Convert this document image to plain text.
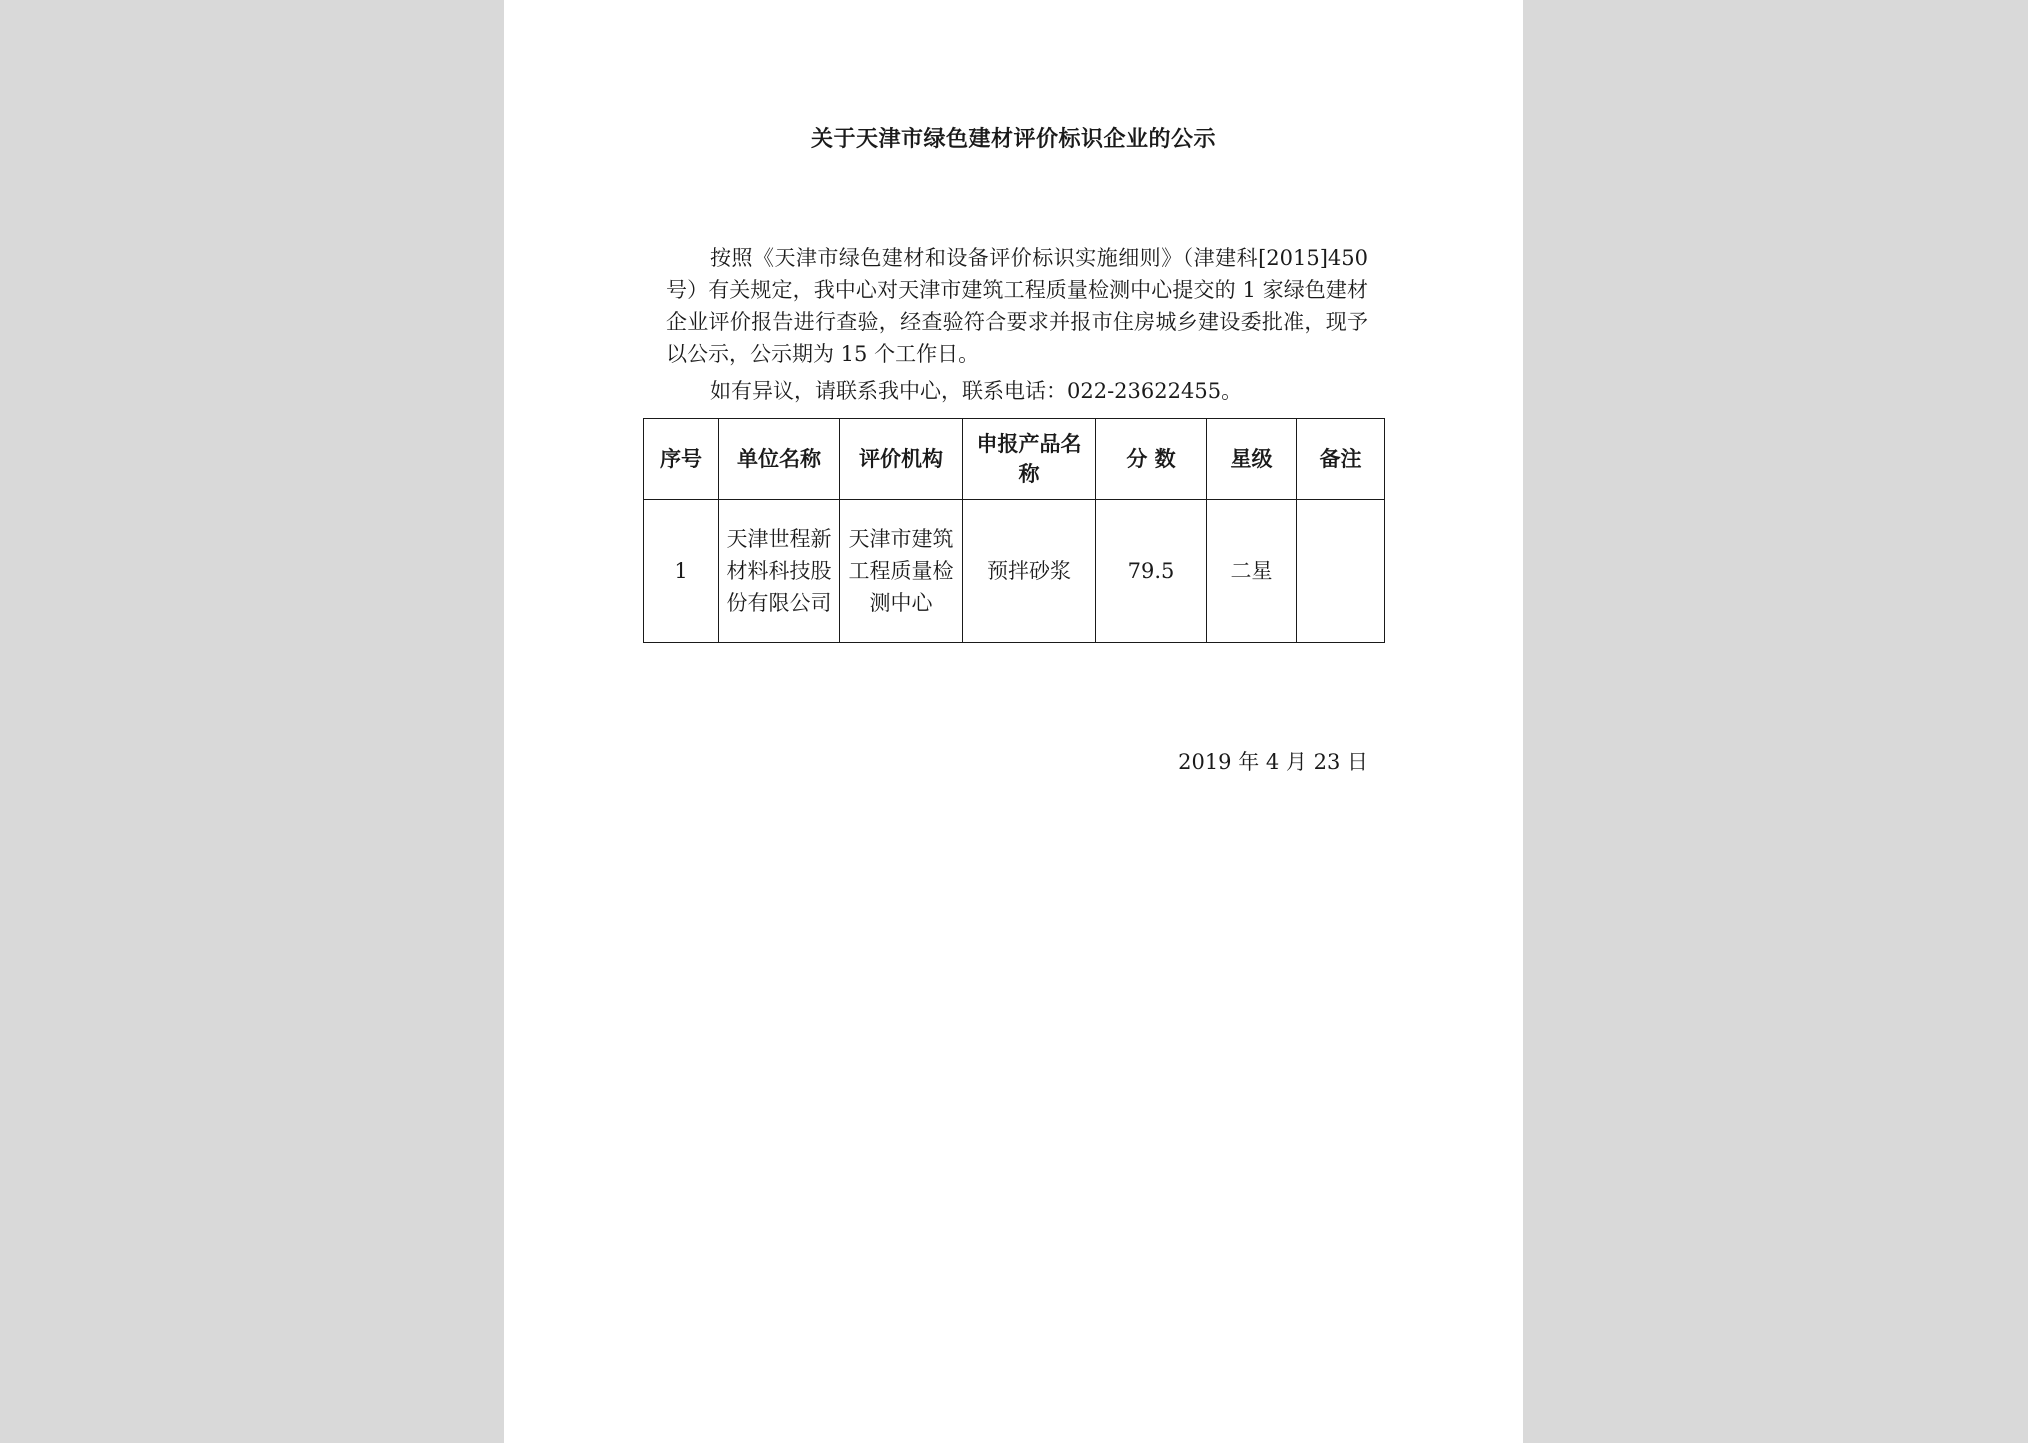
关于天津市绿色建材评价标识企业的公示

按照《天津市绿色建材和设备评价标识实施细则》（津建科[2015]450 号）有关规定，我中心对天津市建筑工程质量检测中心提交的 1 家绿色建材企业评价报告进行查验，经查验符合要求并报市住房城乡建设委批准，现予以公示，公示期为 15 个工作日。

如有异议，请联系我中心，联系电话：022-23622455。

序号	单位名称	评价机构	申报产品名称	分 数	星级	备注
1	天津世程新材料科技股份有限公司	天津市建筑工程质量检测中心	预拌砂浆	79.5	二星	
2019 年 4 月 23 日
